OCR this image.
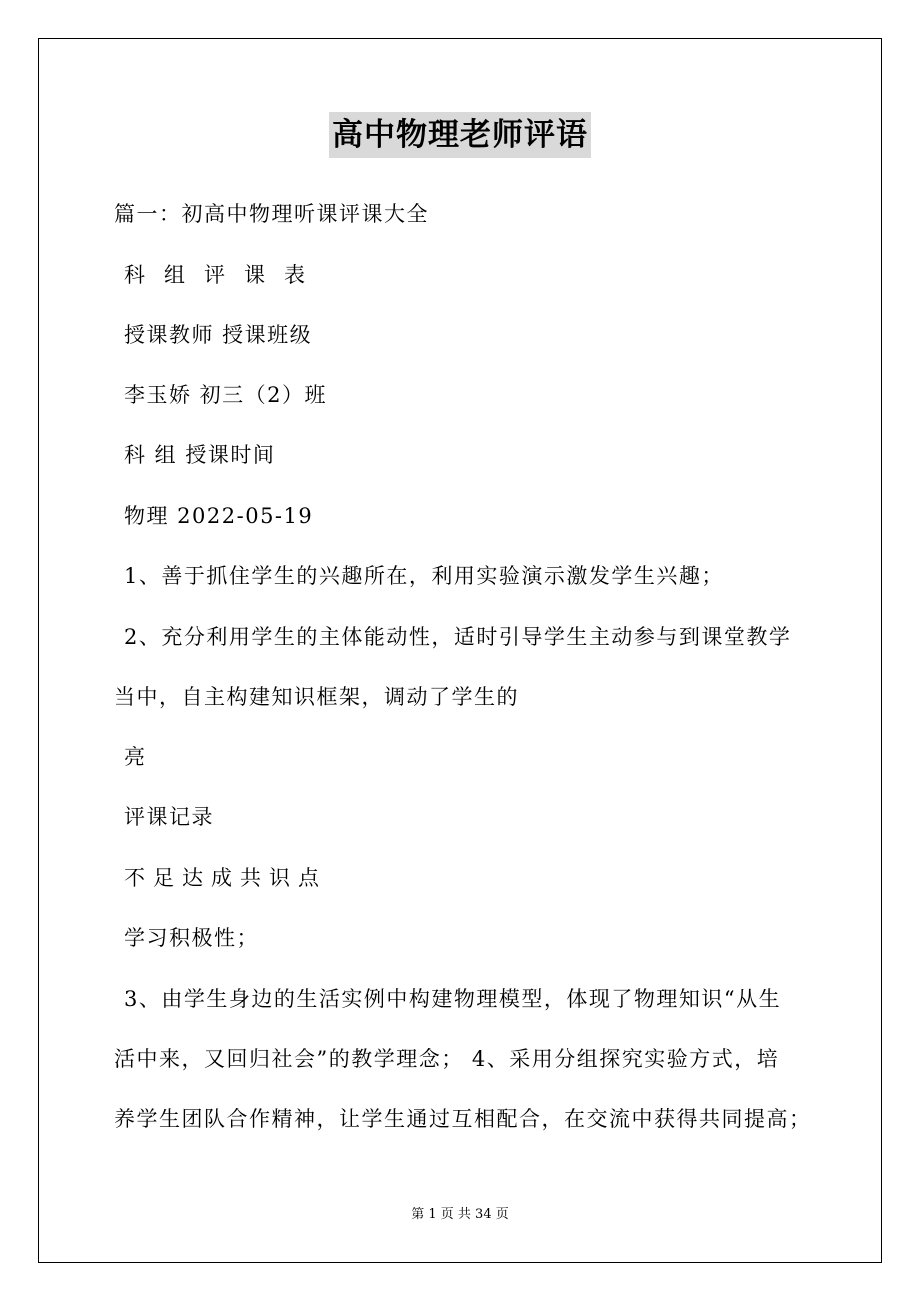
高中物理老师评语
篇一：初高中物理听课评课大全
科组评课表
授课教师 授课班级
李玉娇 初三（2）班
科 组 授课时间
物理 2022-05-19
1、善于抓住学生的兴趣所在，利用实验演示激发学生兴趣；
2、充分利用学生的主体能动性，适时引导学生主动参与到课堂教学
当中，自主构建知识框架，调动了学生的
亮
评课记录
不足达成共识点
学习积极性；
3、由学生身边的生活实例中构建物理模型，体现了物理知识“从生
活中来，又回归社会”的教学理念； 4、采用分组探究实验方式，培
养学生团队合作精神，让学生通过互相配合，在交流中获得共同提高；
第 1 页 共 34 页
